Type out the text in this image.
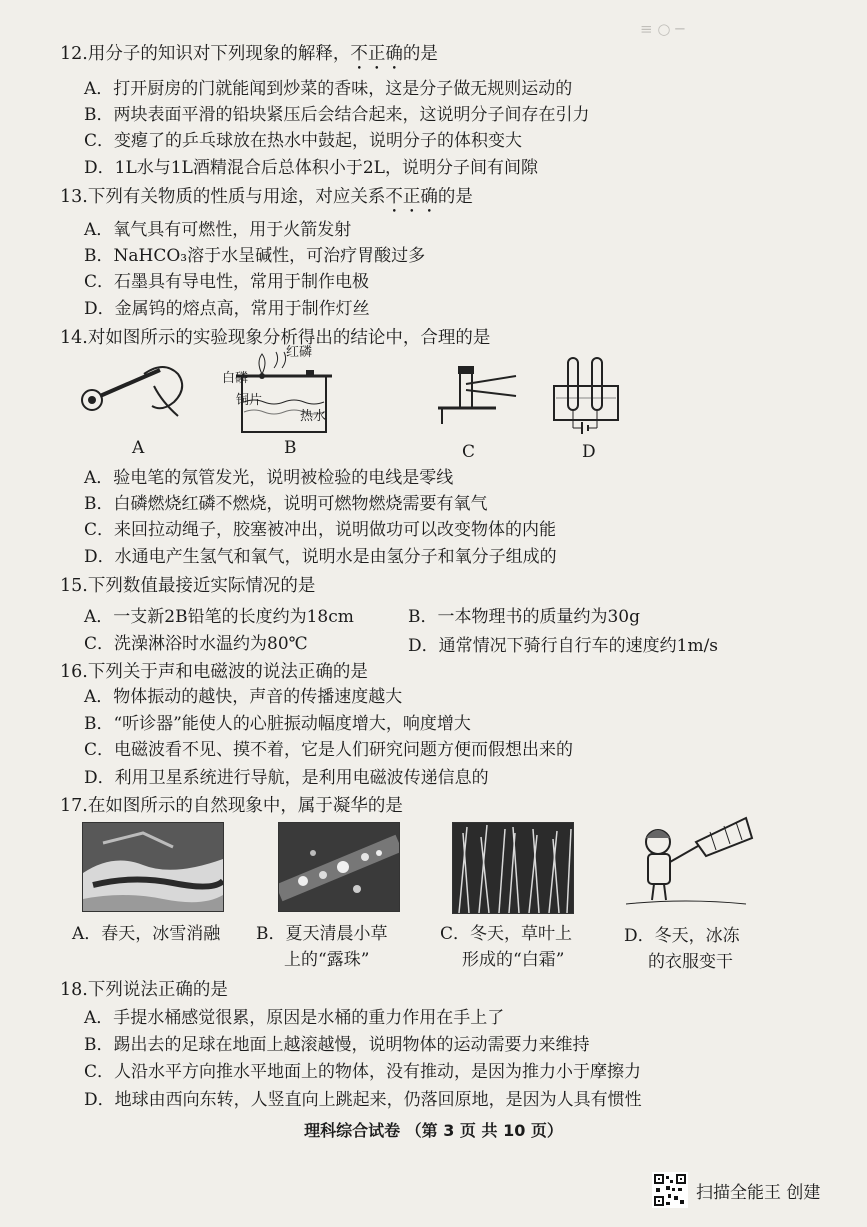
≡ ○ ─
12.用分子的知识对下列现象的解释，不正确的是
A．打开厨房的门就能闻到炒菜的香味，这是分子做无规则运动的
B．两块表面平滑的铅块紧压后会结合起来，这说明分子间存在引力
C．变瘪了的乒乓球放在热水中鼓起，说明分子的体积变大
D．1L水与1L酒精混合后总体积小于2L，说明分子间有间隙
13.下列有关物质的性质与用途，对应关系不正确的是
A．氧气具有可燃性，用于火箭发射
B．NaHCO₃溶于水呈碱性，可治疗胃酸过多
C．石墨具有导电性，常用于制作电极
D．金属钨的熔点高，常用于制作灯丝
14.对如图所示的实验现象分析得出的结论中，合理的是
红磷
白磷
铜片
热水
A	B	C	D
A．验电笔的氖管发光，说明被检验的电线是零线
B．白磷燃烧红磷不燃烧，说明可燃物燃烧需要有氧气
C．来回拉动绳子，胶塞被冲出，说明做功可以改变物体的内能
D．水通电产生氢气和氧气，说明水是由氢分子和氧分子组成的
15.下列数值最接近实际情况的是
A．一支新2B铅笔的长度约为18cm	B．一本物理书的质量约为30g
C．洗澡淋浴时水温约为80℃	D．通常情况下骑行自行车的速度约1m/s
16.下列关于声和电磁波的说法正确的是
A．物体振动的越快，声音的传播速度越大
B．“听诊器”能使人的心脏振动幅度增大，响度增大
C．电磁波看不见、摸不着，它是人们研究问题方便而假想出来的
D．利用卫星系统进行导航，是利用电磁波传递信息的
17.在如图所示的自然现象中，属于凝华的是
A．春天，冰雪消融 B．夏天清晨小草
上的“露珠”
C．冬天，草叶上
形成的“白霜”
D．冬天，冰冻
的衣服变干
18.下列说法正确的是
A．手提水桶感觉很累，原因是水桶的重力作用在手上了
B．踢出去的足球在地面上越滚越慢，说明物体的运动需要力来维持
C．人沿水平方向推水平地面上的物体，没有推动，是因为推力小于摩擦力
D．地球由西向东转，人竖直向上跳起来，仍落回原地，是因为人具有惯性
理科综合试卷 （第 3 页 共 10 页）
扫描全能王 创建
